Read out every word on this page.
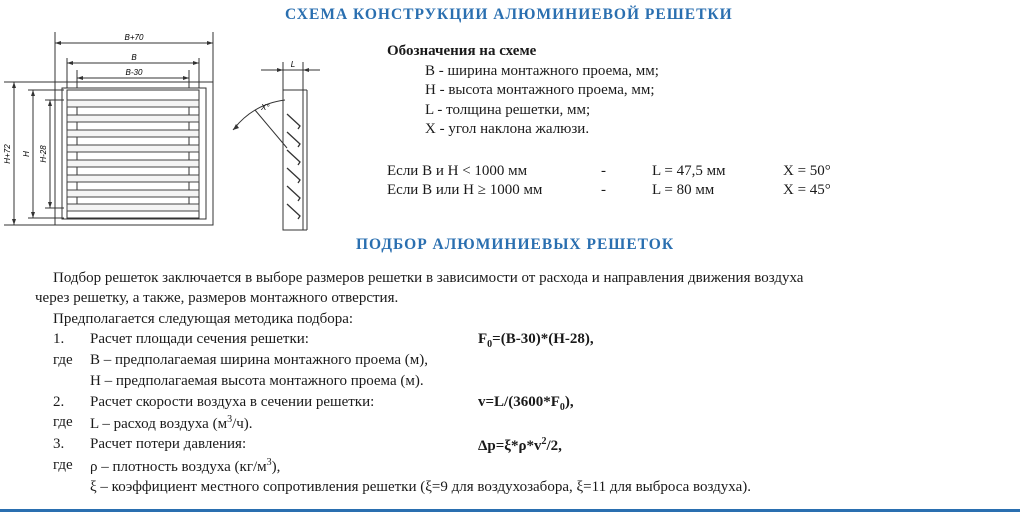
СХЕМА КОНСТРУКЦИИ АЛЮМИНИЕВОЙ РЕШЕТКИ
ПОДБОР АЛЮМИНИЕВЫХ РЕШЕТОК
B+70
B
B-30
H+72 H H-28
L
X°
Обозначения на схеме
B - ширина монтажного проема, мм;
H - высота монтажного проема, мм;
L - толщина решетки, мм;
X - угол наклона жалюзи.
Если B и H < 1000 мм	-	L = 47,5 мм	X = 50°
Если B или H ≥ 1000 мм	-	L = 80 мм	X = 45°
Подбор решеток заключается в выборе размеров решетки в зависимости от расхода и направления движения воздуха
через решетку, а также, размеров монтажного отверстия.
Предполагается следующая методика подбора:
1. Расчет площади сечения решетки:	$F_0=(B-30)*(H-28)$,
где B – предполагаемая ширина монтажного проема (м),
H – предполагаемая высота монтажного проема (м).
2. Расчет скорости воздуха в сечении решетки:	$v=L/(3600*F_0)$,
где L – расход воздуха $(м^3/ч)$.
3. Расчет потери давления:	$\Delta p=\xi*\rho*v^2/2$,
где ρ – плотность воздуха $(кг/м^3)$,
ξ – коэффициент местного сопротивления решетки (ξ=9 для воздухозабора, ξ=11 для выброса воздуха).
